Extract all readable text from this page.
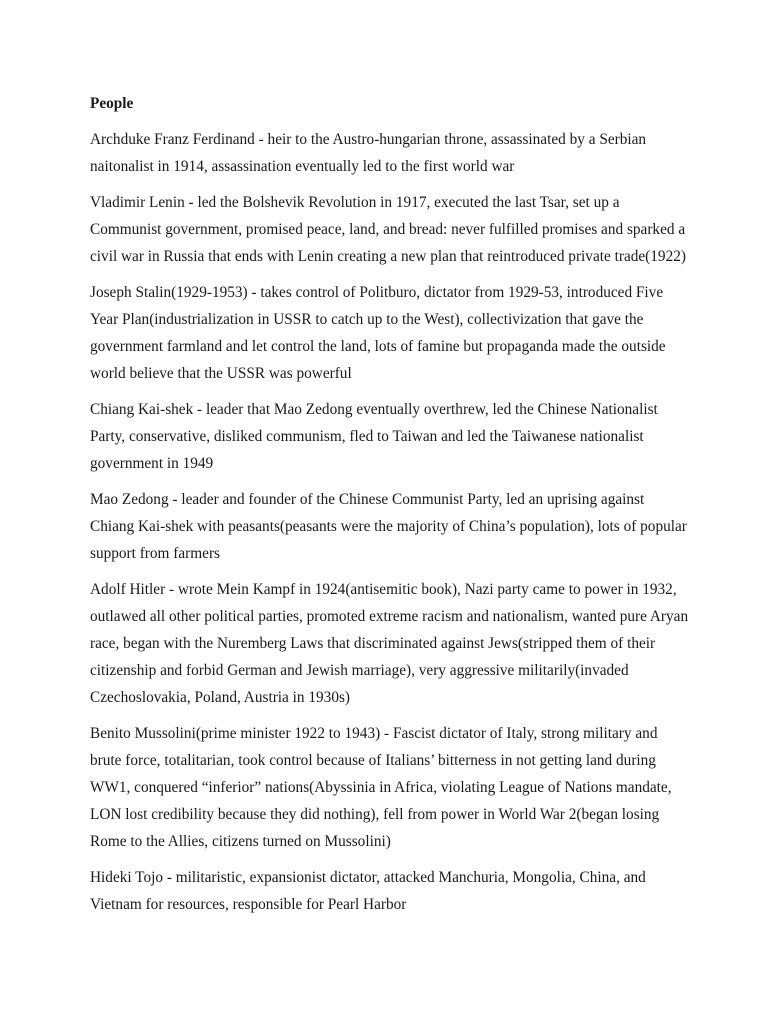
People

Archduke Franz Ferdinand - heir to the Austro-hungarian throne, assassinated by a Serbian naitonalist in 1914, assassination eventually led to the first world war

Vladimir Lenin - led the Bolshevik Revolution in 1917, executed the last Tsar, set up a Communist government, promised peace, land, and bread: never fulfilled promises and sparked a civil war in Russia that ends with Lenin creating a new plan that reintroduced private trade(1922)

Joseph Stalin(1929-1953) - takes control of Politburo, dictator from 1929-53, introduced Five Year Plan(industrialization in USSR to catch up to the West), collectivization that gave the government farmland and let control the land, lots of famine but propaganda made the outside world believe that the USSR was powerful

Chiang Kai-shek - leader that Mao Zedong eventually overthrew, led the Chinese Nationalist Party, conservative, disliked communism, fled to Taiwan and led the Taiwanese nationalist government in 1949

Mao Zedong - leader and founder of the Chinese Communist Party, led an uprising against Chiang Kai-shek with peasants(peasants were the majority of China’s population), lots of popular support from farmers

Adolf Hitler - wrote Mein Kampf in 1924(antisemitic book), Nazi party came to power in 1932, outlawed all other political parties, promoted extreme racism and nationalism, wanted pure Aryan race, began with the Nuremberg Laws that discriminated against Jews(stripped them of their citizenship and forbid German and Jewish marriage), very aggressive militarily(invaded Czechoslovakia, Poland, Austria in 1930s)

Benito Mussolini(prime minister 1922 to 1943) - Fascist dictator of Italy, strong military and brute force, totalitarian, took control because of Italians’ bitterness in not getting land during WW1, conquered “inferior” nations(Abyssinia in Africa, violating League of Nations mandate, LON lost credibility because they did nothing), fell from power in World War 2(began losing Rome to the Allies, citizens turned on Mussolini)

Hideki Tojo - militaristic, expansionist dictator, attacked Manchuria, Mongolia, China, and Vietnam for resources, responsible for Pearl Harbor
